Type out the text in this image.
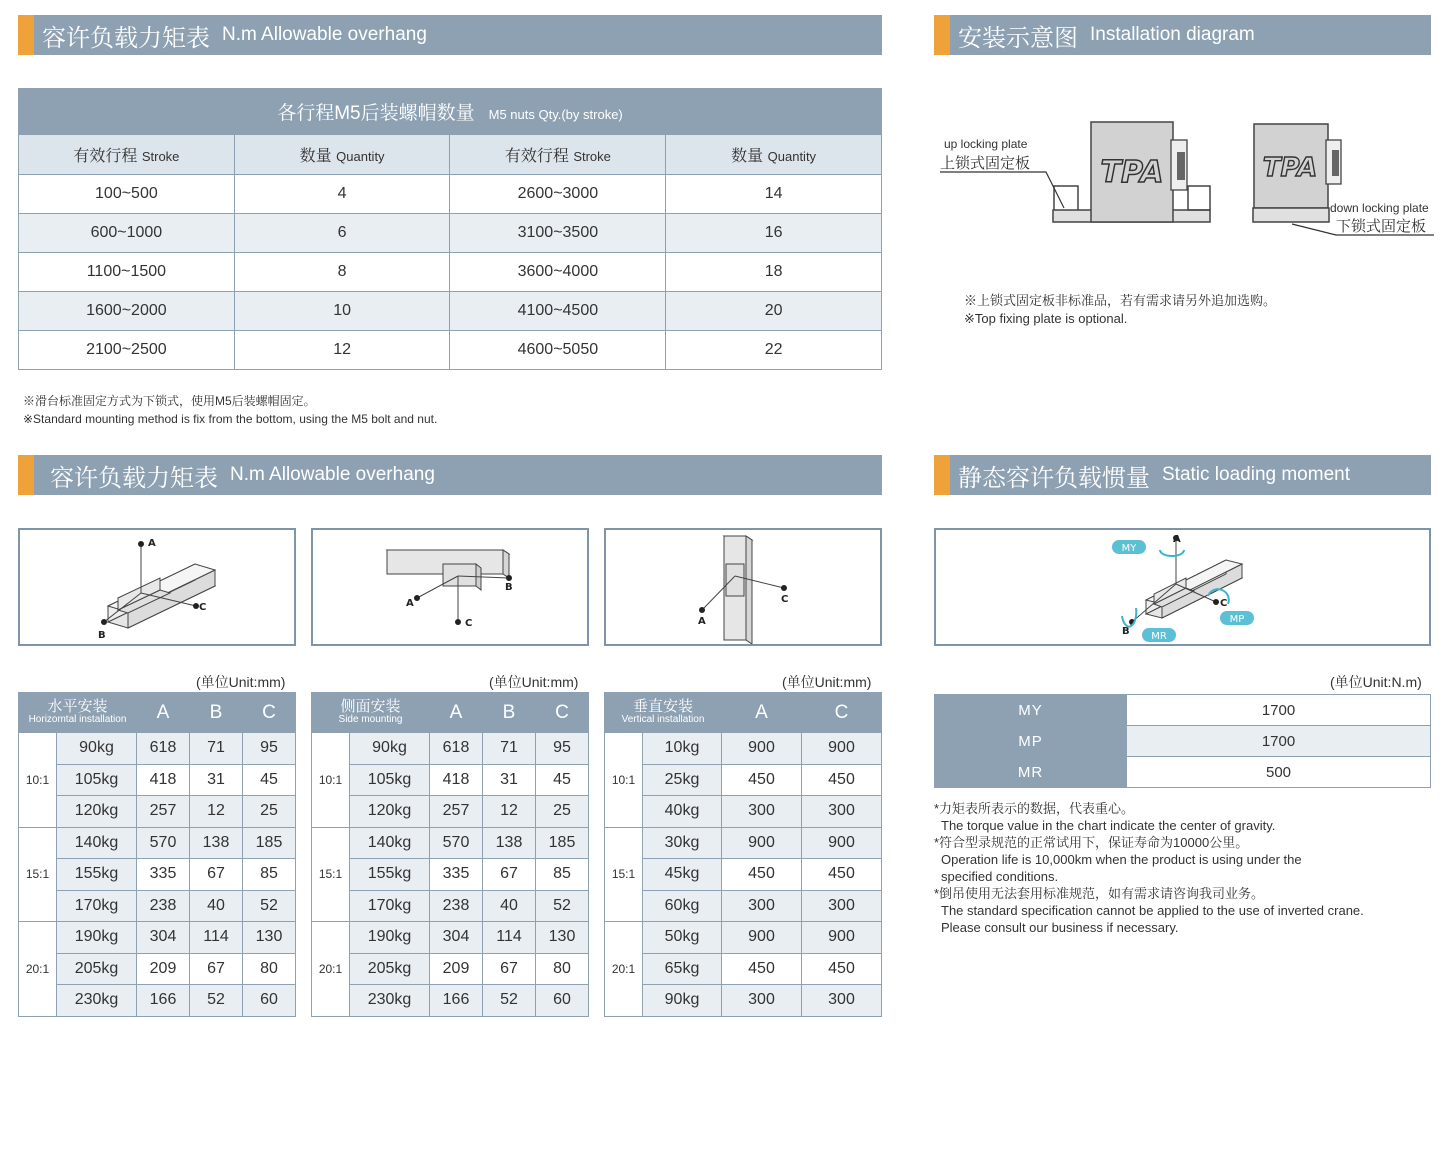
容许负载力矩表 N.m Allowable overhang	安装示意图 Installation diagram
容许负载力矩表 N.m Allowable overhang	静态容许负载惯量 Static loading moment
各行程M5后装螺帽数量 M5 nuts Qty.(by stroke)			
有效行程 Stroke	数量 Quantity	有效行程 Stroke	数量 Quantity
100~500	4	2600~3000	14
600~1000	6	3100~3500	16
1100~1500	8	3600~4000	18
1600~2000	10	4100~4500	20
2100~2500	12	4600~5050	22
※滑台标准固定方式为下锁式，使用M5后装螺帽固定。
※Standard mounting method is fix from the bottom, using the M5 bolt and nut.
TPA
up locking plate
上锁式固定板	TPA
down locking plate
下锁式固定板
※上锁式固定板非标准品，若有需求请另外追加选购。
※Top fixing plate is optional.
A
B
C	A
C
B
A
C
A
B
C
MY
MP
MR
(单位Unit:mm)	(单位Unit:mm)	(单位Unit:mm)	(单位Unit:N.m)
水平安装
Horizomtal installation		A	B	C
10:1	90kg	618	71	95
	105kg	418	31	45
	120kg	257	12	25
15:1	140kg	570	138	185
	155kg	335	67	85
	170kg	238	40	52
20:1	190kg	304	114	130
	205kg	209	67	80
	230kg	166	52	60
侧面安装
Side mounting		A	B	C
10:1	90kg	618	71	95
	105kg	418	31	45
	120kg	257	12	25
15:1	140kg	570	138	185
	155kg	335	67	85
	170kg	238	40	52
20:1	190kg	304	114	130
	205kg	209	67	80
	230kg	166	52	60
垂直安装
Vertical installation		A	C
10:1	10kg	900	900
	25kg	450	450
	40kg	300	300
15:1	30kg	900	900
	45kg	450	450
	60kg	300	300
20:1	50kg	900	900
	65kg	450	450
	90kg	300	300
MY	1700
MP	1700
MR	500
*力矩表所表示的数据，代表重心。
The torque value in the chart indicate the center of gravity.
*符合型录规范的正常试用下，保证寿命为10000公里。
Operation life is 10,000km when the product is using under the
specified conditions.
*倒吊使用无法套用标准规范，如有需求请咨询我司业务。
The standard specification cannot be applied to the use of inverted crane.
Please consult our business if necessary.
